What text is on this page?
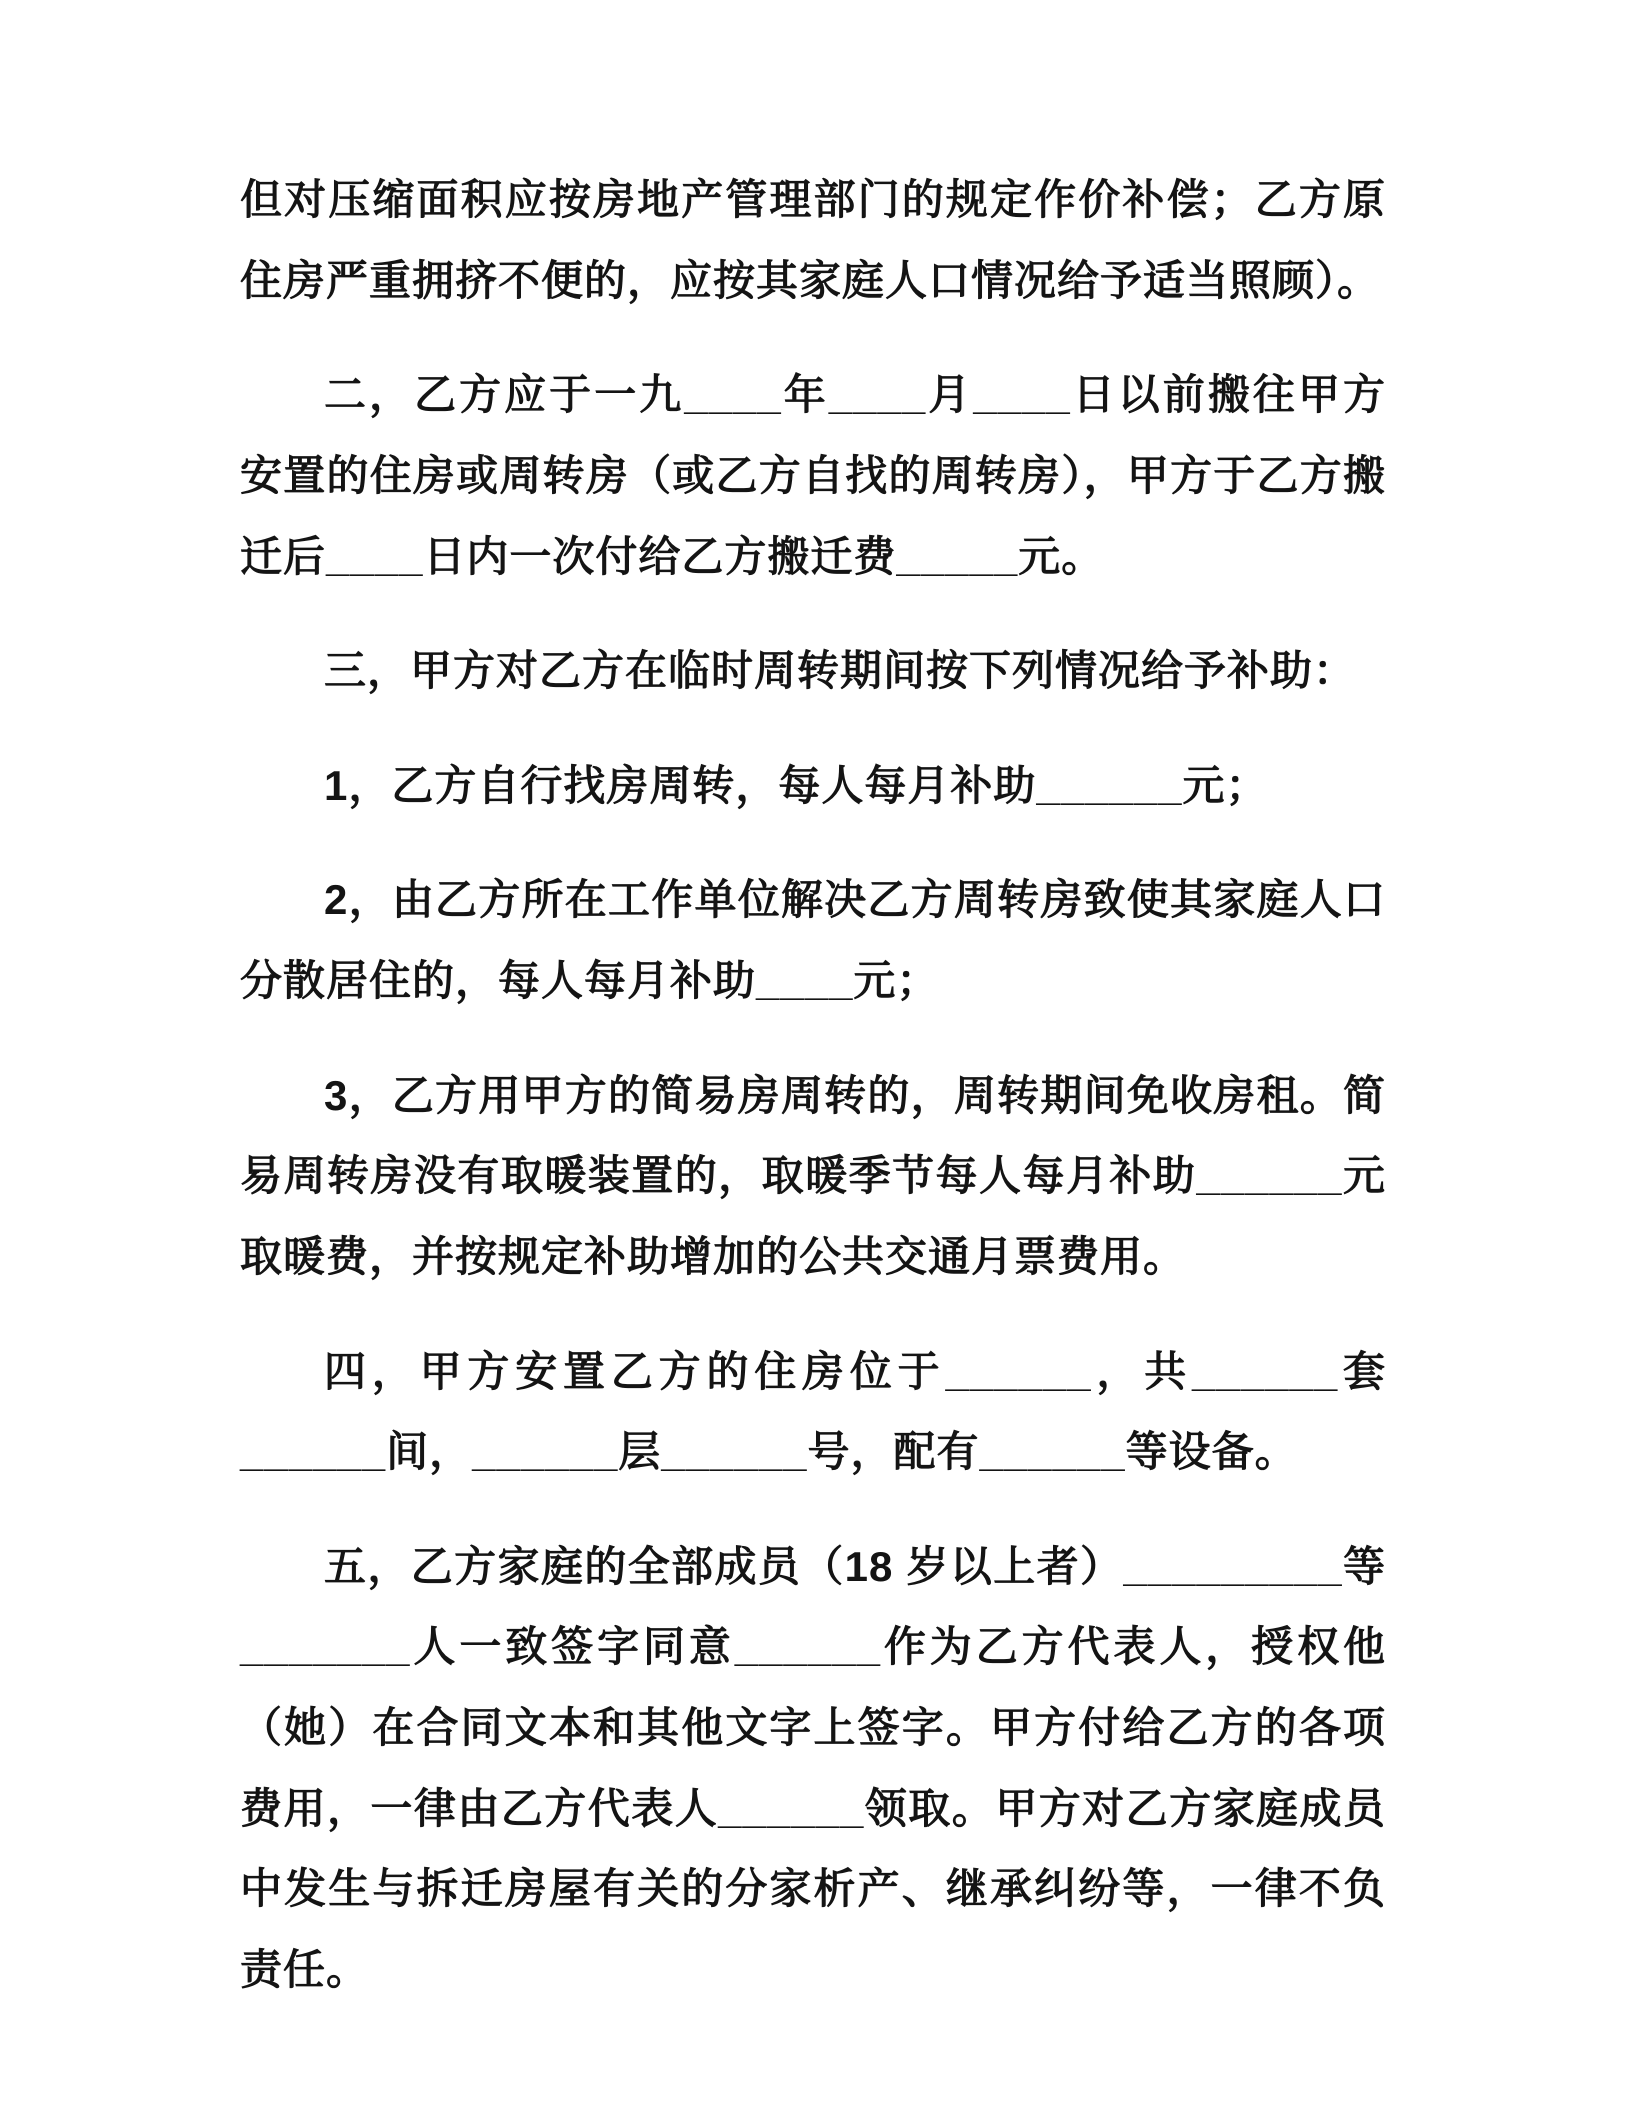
但对压缩面积应按房地产管理部门的规定作价补偿；乙方原住房严重拥挤不便的，应按其家庭人口情况给予适当照顾）。

二，乙方应于一九____年____月____日以前搬往甲方安置的住房或周转房（或乙方自找的周转房），甲方于乙方搬迁后____日内一次付给乙方搬迁费_____元。

三，甲方对乙方在临时周转期间按下列情况给予补助：

1，乙方自行找房周转，每人每月补助______元；

2，由乙方所在工作单位解决乙方周转房致使其家庭人口分散居住的，每人每月补助____元；

3，乙方用甲方的简易房周转的，周转期间免收房租。简易周转房没有取暖装置的，取暖季节每人每月补助______元取暖费，并按规定补助增加的公共交通月票费用。

四，甲方安置乙方的住房位于______，共______套______间，______层______号，配有______等设备。

五，乙方家庭的全部成员（18 岁以上者）_________等_______人一致签字同意______作为乙方代表人，授权他（她）在合同文本和其他文字上签字。甲方付给乙方的各项费用，一律由乙方代表人______领取。甲方对乙方家庭成员中发生与拆迁房屋有关的分家析产、继承纠纷等，一律不负责任。
